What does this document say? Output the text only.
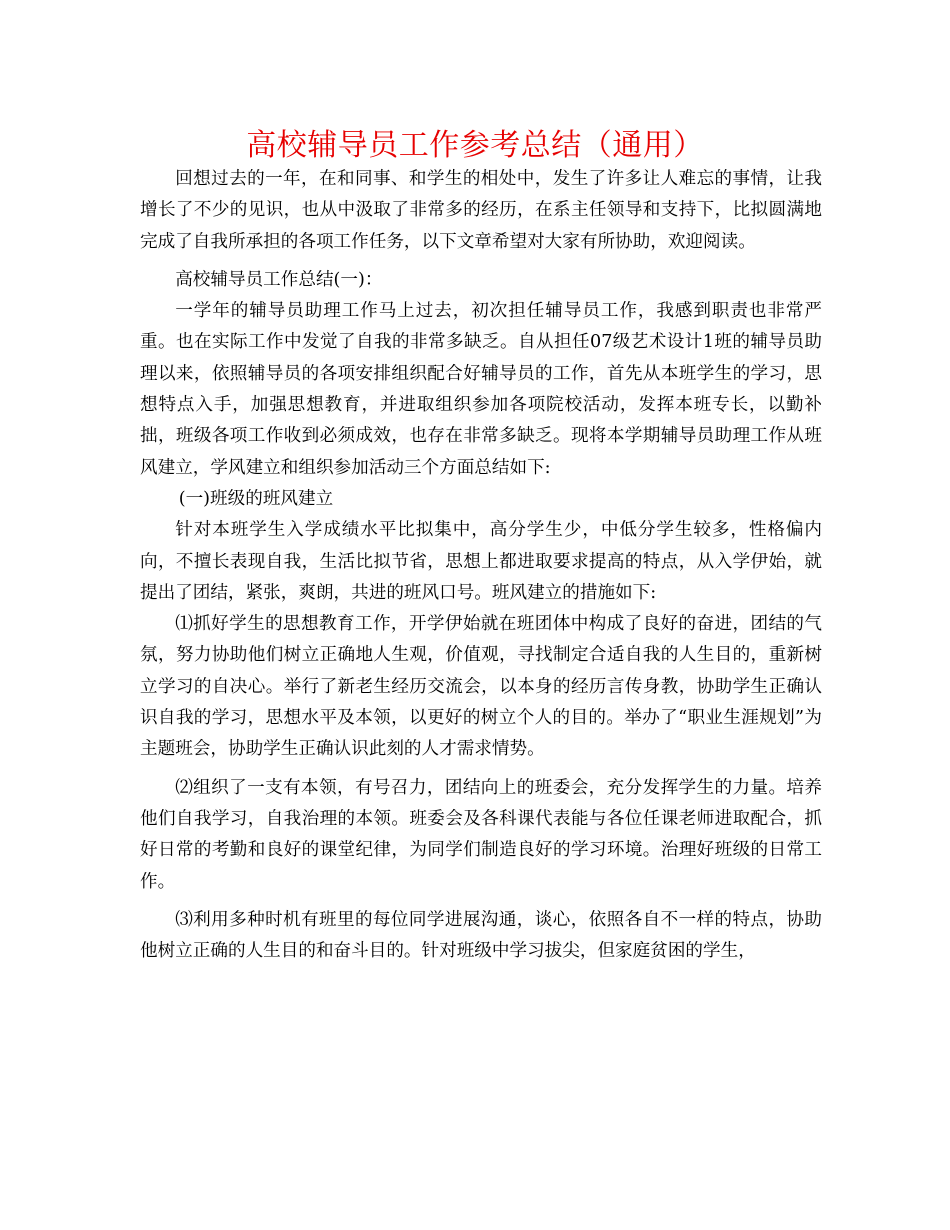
高校辅导员工作参考总结（通用）

回想过去的一年，在和同事、和学生的相处中，发生了许多让人难忘的事情，让我增长了不少的见识，也从中汲取了非常多的经历，在系主任领导和支持下，比拟圆满地完成了自我所承担的各项工作任务，以下文章希望对大家有所协助，欢迎阅读。

高校辅导员工作总结(一)：

一学年的辅导员助理工作马上过去，初次担任辅导员工作，我感到职责也非常严重。也在实际工作中发觉了自我的非常多缺乏。自从担任07级艺术设计1班的辅导员助理以来，依照辅导员的各项安排组织配合好辅导员的工作，首先从本班学生的学习，思想特点入手，加强思想教育，并进取组织参加各项院校活动，发挥本班专长，以勤补拙，班级各项工作收到必须成效，也存在非常多缺乏。现将本学期辅导员助理工作从班风建立，学风建立和组织参加活动三个方面总结如下:

(一)班级的班风建立

针对本班学生入学成绩水平比拟集中，高分学生少，中低分学生较多，性格偏内向，不擅长表现自我，生活比拟节省，思想上都进取要求提高的特点，从入学伊始，就提出了团结，紧张，爽朗，共进的班风口号。班风建立的措施如下:

⑴抓好学生的思想教育工作，开学伊始就在班团体中构成了良好的奋进，团结的气氛，努力协助他们树立正确地人生观，价值观，寻找制定合适自我的人生目的，重新树立学习的自决心。举行了新老生经历交流会，以本身的经历言传身教，协助学生正确认识自我的学习，思想水平及本领，以更好的树立个人的目的。举办了“职业生涯规划”为主题班会，协助学生正确认识此刻的人才需求情势。

⑵组织了一支有本领，有号召力，团结向上的班委会，充分发挥学生的力量。培养他们自我学习，自我治理的本领。班委会及各科课代表能与各位任课老师进取配合，抓好日常的考勤和良好的课堂纪律，为同学们制造良好的学习环境。治理好班级的日常工作。

⑶利用多种时机有班里的每位同学进展沟通，谈心，依照各自不一样的特点，协助他树立正确的人生目的和奋斗目的。针对班级中学习拔尖，但家庭贫困的学生，
